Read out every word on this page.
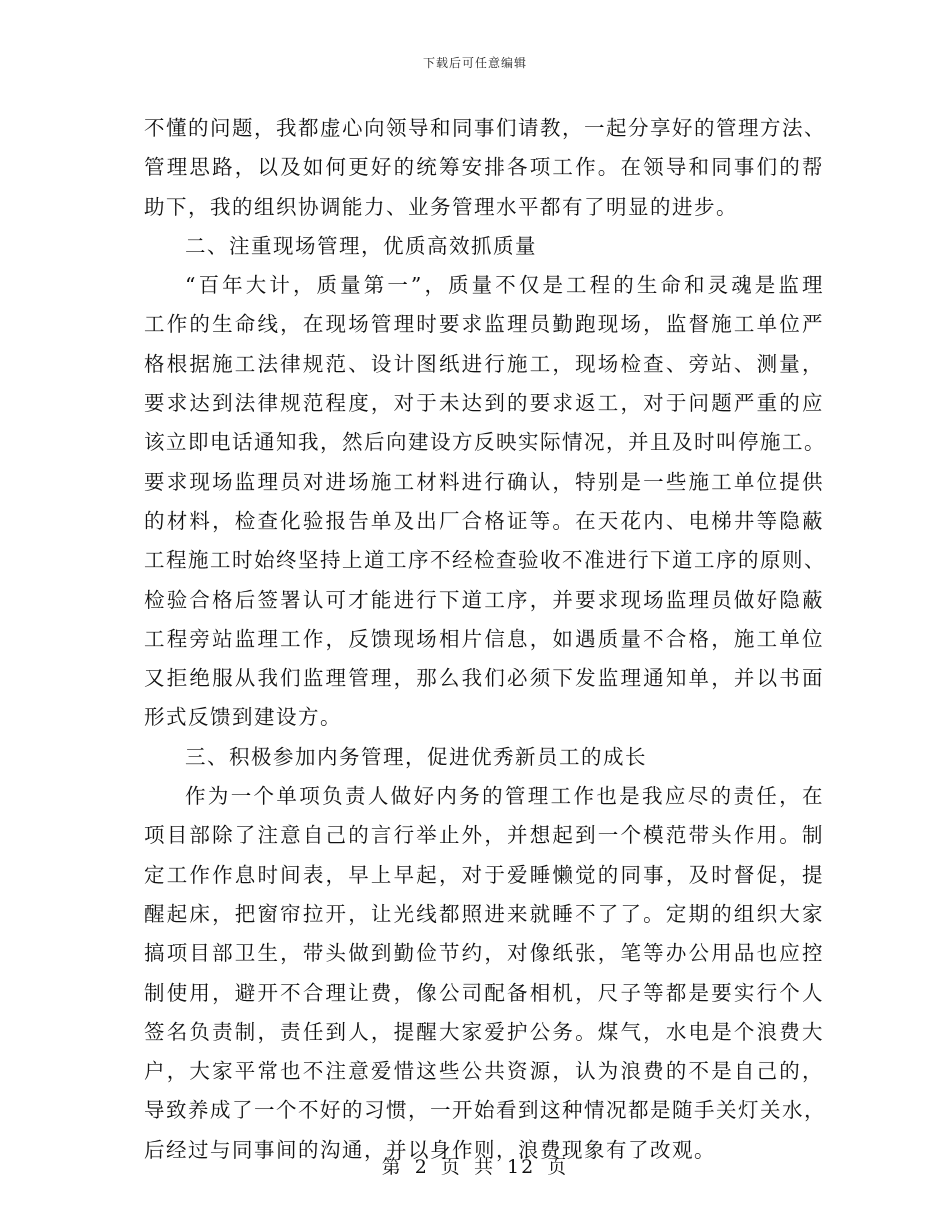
下载后可任意编辑
不懂的问题，我都虚心向领导和同事们请教，一起分享好的管理方法、
管理思路，以及如何更好的统筹安排各项工作。在领导和同事们的帮
助下，我的组织协调能力、业务管理水平都有了明显的进步。
二、注重现场管理，优质高效抓质量
“百年大计，质量第一”，质量不仅是工程的生命和灵魂是监理
工作的生命线，在现场管理时要求监理员勤跑现场，监督施工单位严
格根据施工法律规范、设计图纸进行施工，现场检查、旁站、测量，
要求达到法律规范程度，对于未达到的要求返工，对于问题严重的应
该立即电话通知我，然后向建设方反映实际情况，并且及时叫停施工。
要求现场监理员对进场施工材料进行确认，特别是一些施工单位提供
的材料，检查化验报告单及出厂合格证等。在天花内、电梯井等隐蔽
工程施工时始终坚持上道工序不经检查验收不准进行下道工序的原则、
检验合格后签署认可才能进行下道工序，并要求现场监理员做好隐蔽
工程旁站监理工作，反馈现场相片信息，如遇质量不合格，施工单位
又拒绝服从我们监理管理，那么我们必须下发监理通知单，并以书面
形式反馈到建设方。
三、积极参加内务管理，促进优秀新员工的成长
作为一个单项负责人做好内务的管理工作也是我应尽的责任，在
项目部除了注意自己的言行举止外，并想起到一个模范带头作用。制
定工作作息时间表，早上早起，对于爱睡懒觉的同事，及时督促，提
醒起床，把窗帘拉开，让光线都照进来就睡不了了。定期的组织大家
搞项目部卫生，带头做到勤俭节约，对像纸张，笔等办公用品也应控
制使用，避开不合理让费，像公司配备相机，尺子等都是要实行个人
签名负责制，责任到人，提醒大家爱护公务。煤气，水电是个浪费大
户，大家平常也不注意爱惜这些公共资源，认为浪费的不是自己的，
导致养成了一个不好的习惯，一开始看到这种情况都是随手关灯关水，
后经过与同事间的沟通，并以身作则，浪费现象有了改观。
第 2 页 共 12 页
